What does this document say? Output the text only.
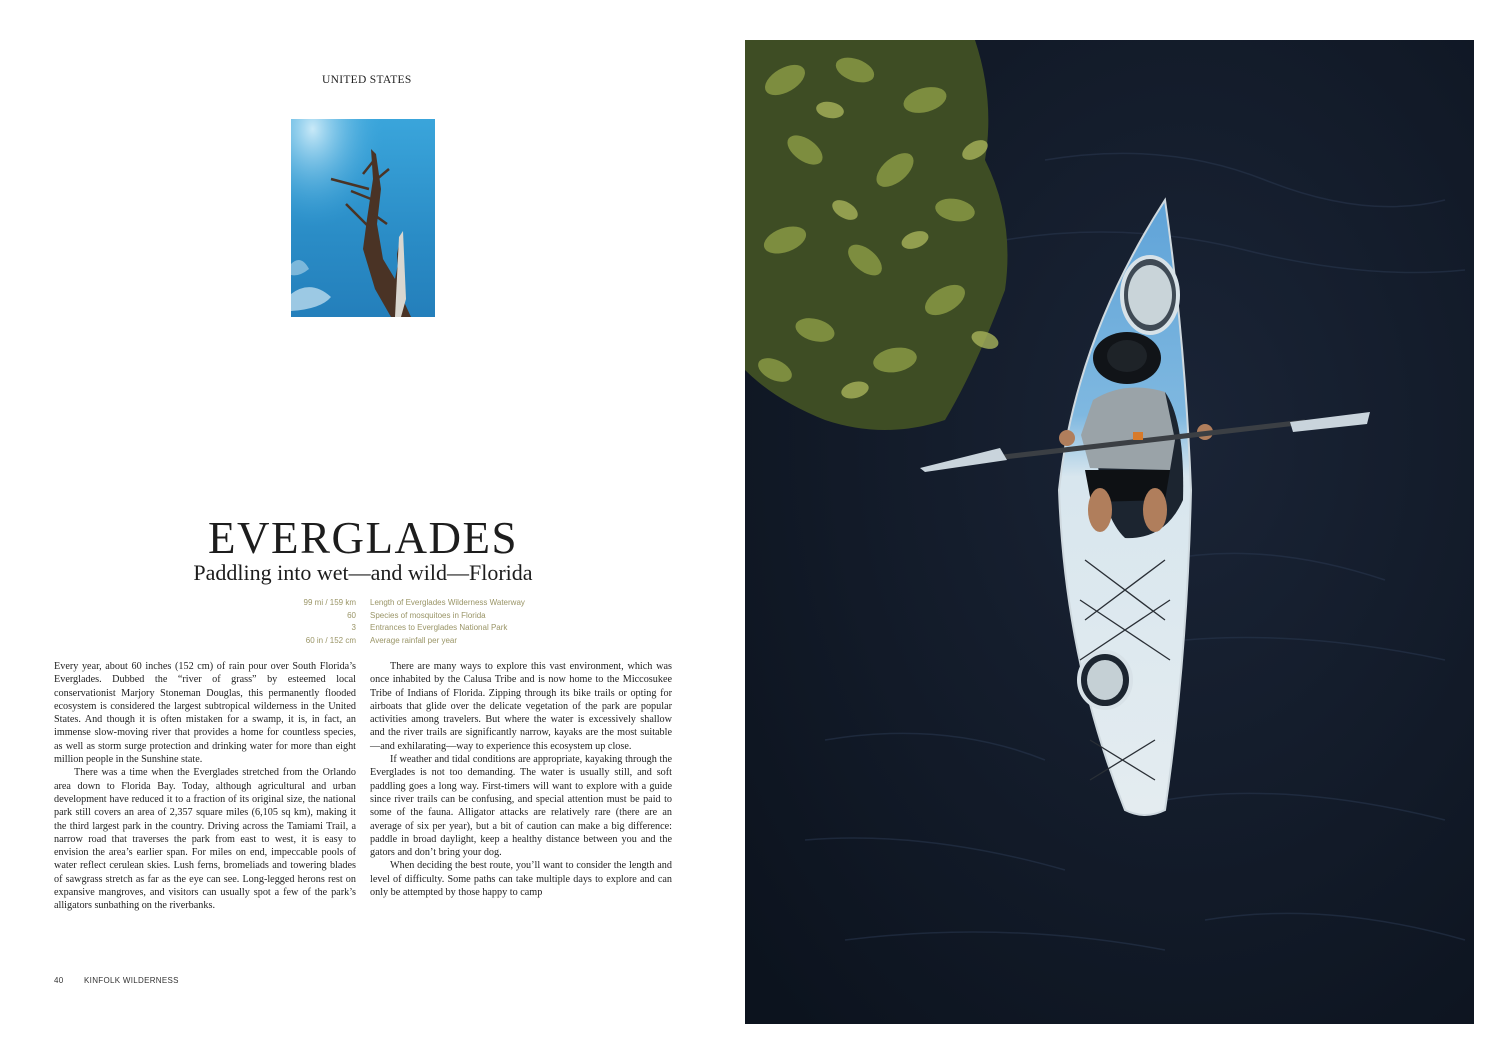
UNITED STATES
EVERGLADES
Paddling into wet—and wild—Florida
99 mi / 159 km	Length of Everglades Wilderness Waterway
60	Species of mosquitoes in Florida
3	Entrances to Everglades National Park
60 in / 152 cm	Average rainfall per year

Every year, about 60 inches (152 cm) of rain pour over South Florida’s Everglades. Dubbed the “river of grass” by esteemed local conservationist Marjory Stoneman Douglas, this permanently flooded ecosystem is considered the largest subtropical wilderness in the United States. And though it is often mistaken for a swamp, it is, in fact, an immense slow-moving river that provides a home for countless species, as well as storm surge protection and drinking water for more than eight million people in the Sunshine state.

There was a time when the Everglades stretched from the Orlando area down to Florida Bay. Today, although agricultural and urban development have reduced it to a fraction of its original size, the national park still covers an area of 2,357 square miles (6,105 sq km), making it the third largest park in the country. Driving across the Tamiami Trail, a narrow road that traverses the park from east to west, it is easy to envision the area’s earlier span. For miles on end, impeccable pools of water reflect cerulean skies. Lush ferns, bromeliads and towering blades of sawgrass stretch as far as the eye can see. Long-legged herons rest on expansive mangroves, and visitors can usually spot a few of the park’s alligators sunbathing on the riverbanks.

There are many ways to explore this vast environment, which was once inhabited by the Calusa Tribe and is now home to the Miccosukee Tribe of Indians of Florida. Zipping through its bike trails or opting for airboats that glide over the delicate vegetation of the park are popular activities among travelers. But where the water is excessively shallow and the river trails are significantly narrow, kayaks are the most suitable—and exhilarating—way to experience this ecosystem up close.

If weather and tidal conditions are appropriate, kayaking through the Everglades is not too demanding. The water is usually still, and soft paddling goes a long way. First-timers will want to explore with a guide since river trails can be confusing, and special attention must be paid to some of the fauna. Alligator attacks are relatively rare (there are an average of six per year), but a bit of caution can make a big difference: paddle in broad daylight, keep a healthy distance between you and the gators and don’t bring your dog.

When deciding the best route, you’ll want to consider the length and level of difficulty. Some paths can take multiple days to explore and can only be attempted by those happy to camp

40	KINFOLK WILDERNESS
